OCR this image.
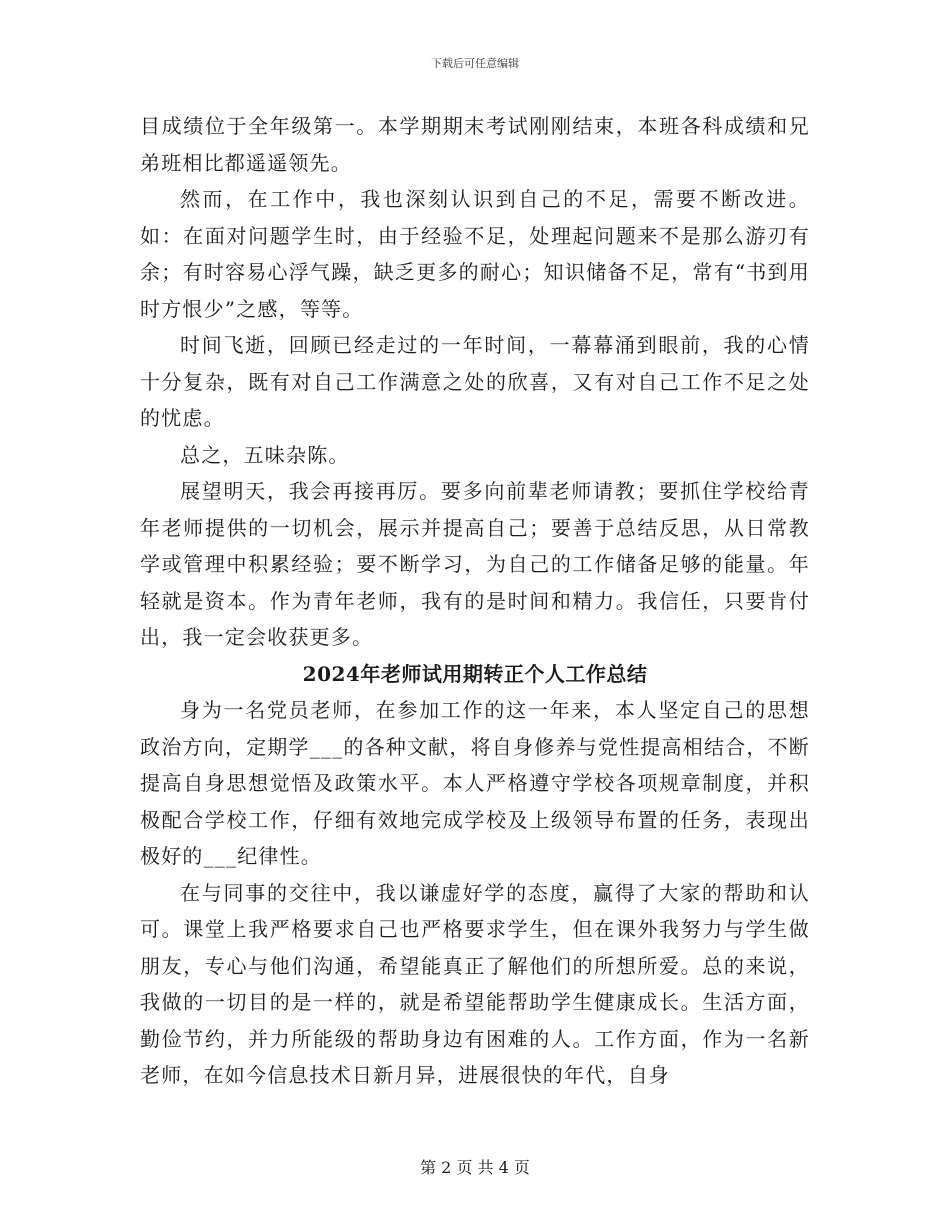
下载后可任意编辑

目成绩位于全年级第一。本学期期末考试刚刚结束，本班各科成绩和兄弟班相比都遥遥领先。

然而，在工作中，我也深刻认识到自己的不足，需要不断改进。如：在面对问题学生时，由于经验不足，处理起问题来不是那么游刃有余；有时容易心浮气躁，缺乏更多的耐心；知识储备不足，常有“书到用时方恨少”之感，等等。

时间飞逝，回顾已经走过的一年时间，一幕幕涌到眼前，我的心情十分复杂，既有对自己工作满意之处的欣喜，又有对自己工作不足之处的忧虑。

总之，五味杂陈。

展望明天，我会再接再厉。要多向前辈老师请教；要抓住学校给青年老师提供的一切机会，展示并提高自己；要善于总结反思，从日常教学或管理中积累经验；要不断学习，为自己的工作储备足够的能量。年轻就是资本。作为青年老师，我有的是时间和精力。我信任，只要肯付出，我一定会收获更多。

2024年老师试用期转正个人工作总结

身为一名党员老师，在参加工作的这一年来，本人坚定自己的思想政治方向，定期学___的各种文献，将自身修养与党性提高相结合，不断提高自身思想觉悟及政策水平。本人严格遵守学校各项规章制度，并积极配合学校工作，仔细有效地完成学校及上级领导布置的任务，表现出极好的___纪律性。

在与同事的交往中，我以谦虚好学的态度，赢得了大家的帮助和认可。课堂上我严格要求自己也严格要求学生，但在课外我努力与学生做朋友，专心与他们沟通，希望能真正了解他们的所想所爱。总的来说，我做的一切目的是一样的，就是希望能帮助学生健康成长。生活方面，勤俭节约，并力所能级的帮助身边有困难的人。工作方面，作为一名新老师，在如今信息技术日新月异，进展很快的年代，自身

第 2 页 共 4 页
